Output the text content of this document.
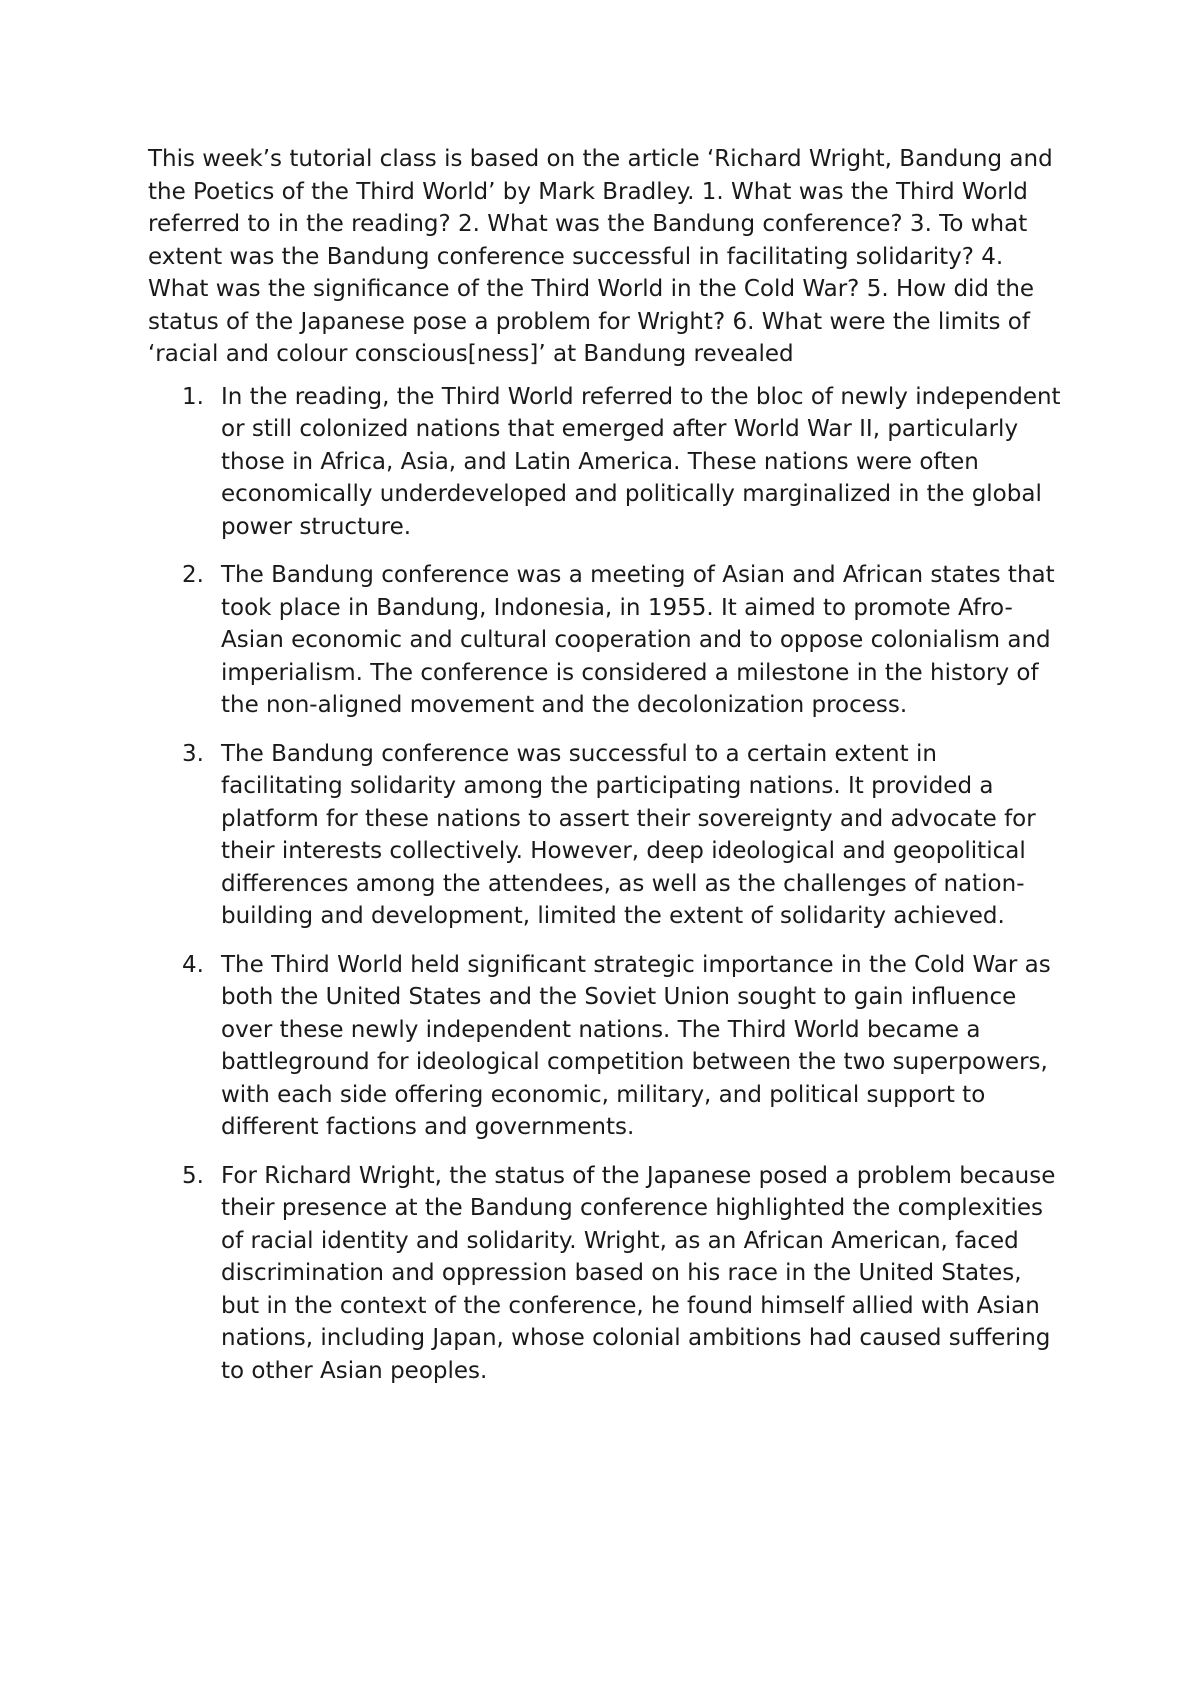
This week’s tutorial class is based on the article ‘Richard Wright, Bandung and the Poetics of the Third World’ by Mark Bradley. 1. What was the Third World referred to in the reading? 2. What was the Bandung conference? 3. To what extent was the Bandung conference successful in facilitating solidarity? 4. What was the significance of the Third World in the Cold War? 5. How did the status of the Japanese pose a problem for Wright? 6. What were the limits of ‘racial and colour conscious[ness]’ at Bandung revealed

1. In the reading, the Third World referred to the bloc of newly independent or still colonized nations that emerged after World War II, particularly those in Africa, Asia, and Latin America. These nations were often economically underdeveloped and politically marginalized in the global power structure.
2. The Bandung conference was a meeting of Asian and African states that took place in Bandung, Indonesia, in 1955. It aimed to promote Afro-Asian economic and cultural cooperation and to oppose colonialism and imperialism. The conference is considered a milestone in the history of the non-aligned movement and the decolonization process.
3. The Bandung conference was successful to a certain extent in facilitating solidarity among the participating nations. It provided a platform for these nations to assert their sovereignty and advocate for their interests collectively. However, deep ideological and geopolitical differences among the attendees, as well as the challenges of nation-building and development, limited the extent of solidarity achieved.
4. The Third World held significant strategic importance in the Cold War as both the United States and the Soviet Union sought to gain influence over these newly independent nations. The Third World became a battleground for ideological competition between the two superpowers, with each side offering economic, military, and political support to different factions and governments.
5. For Richard Wright, the status of the Japanese posed a problem because their presence at the Bandung conference highlighted the complexities of racial identity and solidarity. Wright, as an African American, faced discrimination and oppression based on his race in the United States, but in the context of the conference, he found himself allied with Asian nations, including Japan, whose colonial ambitions had caused suffering to other Asian peoples.
